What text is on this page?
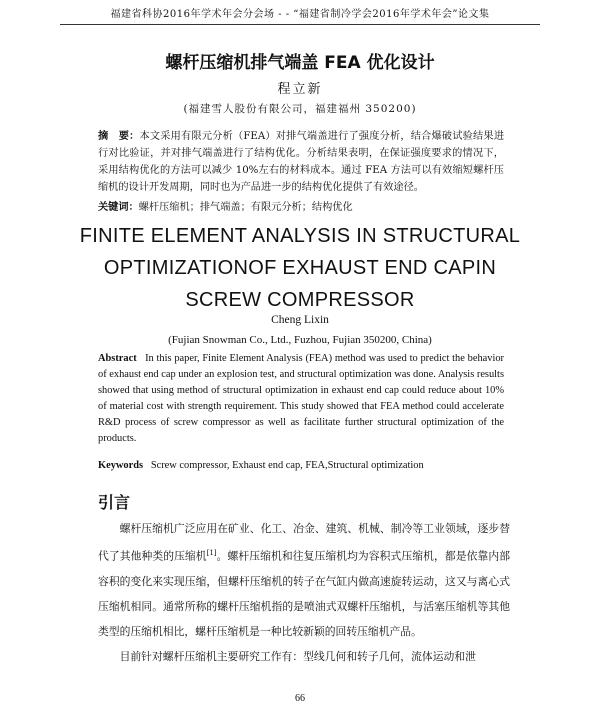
福建省科协2016年学术年会分会场 - - “福建省制冷学会2016年学术年会”论文集
螺杆压缩机排气端盖 FEA 优化设计
程立新
(福建雪人股份有限公司，福建福州 350200)
摘　要：本文采用有限元分析（FEA）对排气端盖进行了强度分析，结合爆破试验结果进行对比验证，并对排气端盖进行了结构优化。分析结果表明，在保证强度要求的情况下，采用结构优化的方法可以减少 10%左右的材料成本。通过 FEA 方法可以有效缩短螺杆压缩机的设计开发周期，同时也为产品进一步的结构优化提供了有效途径。
关键词：螺杆压缩机；排气端盖；有限元分析；结构优化
FINITE ELEMENT ANALYSIS IN STRUCTURAL
OPTIMIZATIONOF EXHAUST END CAPIN
SCREW COMPRESSOR
Cheng Lixin
(Fujian Snowman Co., Ltd., Fuzhou, Fujian 350200, China)
Abstract In this paper, Finite Element Analysis (FEA) method was used to predict the behavior of exhaust end cap under an explosion test, and structural optimization was done. Analysis results showed that using method of structural optimization in exhaust end cap could reduce about 10% of material cost with strength requirement. This study showed that FEA method could accelerate R&D process of screw compressor as well as facilitate further structural optimization of the products.
Keywords Screw compressor, Exhaust end cap, FEA,Structural optimization
引言

螺杆压缩机广泛应用在矿业、化工、冶金、建筑、机械、制冷等工业领域，逐步替代了其他种类的压缩机[1]。螺杆压缩机和往复压缩机均为容积式压缩机，都是依靠内部容积的变化来实现压缩，但螺杆压缩机的转子在气缸内做高速旋转运动，这又与离心式压缩机相同。通常所称的螺杆压缩机指的是喷油式双螺杆压缩机，与活塞压缩机等其他类型的压缩机相比，螺杆压缩机是一种比较新颖的回转压缩机产品。

目前针对螺杆压缩机主要研究工作有：型线几何和转子几何，流体运动和泄

66
